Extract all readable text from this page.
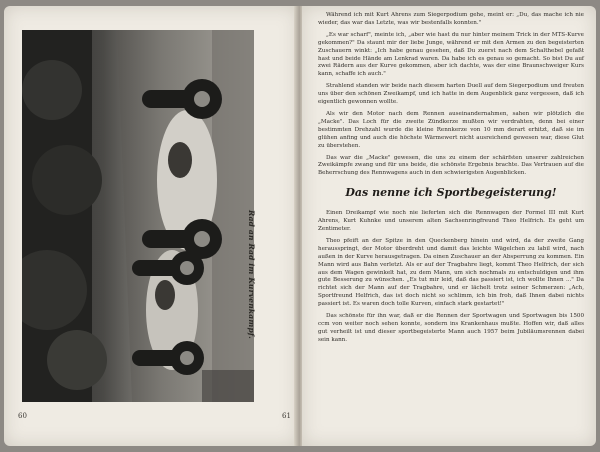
Rad an Rad im Kurvenkampf.
60

Während ich mit Kurt Ahrens zum Siegerpodium gehe, meint er: „Du, das mache ich nie wieder, das war das Letzte, was wir bestenfalls konnten."

„Es war scharf", meinte ich, „aber wie hast du nur hinter meinem Trick in der MTS-Kurve gekommen?" Da staunt mir der liebe Junge, während er mit den Armen zu den begeisterten Zuschauern winkt: „Ich habe genau gesehen, daß Du zuerst nach dem Schalthebel gefaßt hast und beide Hände am Lenkrad waren. Da habe ich es genau so gemacht. So bist Du auf zwei Rädern aus der Kurve gekommen, aber ich dachte, was der eine Braunschweiger Kurs kann, schaffe ich auch."

Strahlend standen wir beide nach diesem harten Duell auf dem Siegerpodium und freuten uns über den schönen Zweikampf, und ich hatte in dem Augenblick ganz vergessen, daß ich eigentlich gewonnen wollte.

Als wir den Motor nach dem Rennen auseinandernahmen, sahen wir plötzlich die „Macke". Das Loch für die zweite Zündkerze mußten wir verdrahten, denn bei einer bestimmten Drehzahl wurde die kleine Rennkerze von 10 mm derart erhitzt, daß sie im glühen anfing und auch die höchste Wärmewert nicht ausreichend gewesen war, diese Glut zu überstehen.

Das war die „Macke" gewesen, die uns zu einem der schärfsten unserer zahlreichen Zweikämpfe zwang und für uns beide, die schönste Ergebnis brachte. Das Vertrauen auf die Beherrschung des Rennwagens auch in den schwierigsten Augenblicken.

Das nenne ich Sportbegeisterung!

Einen Dreikampf wie noch nie lieferten sich die Rennwagen der Formel III mit Kurt Ahrens, Kurt Kuhnke und unserem alten Sachsenringfreund Theo Helfrich. Es geht um Zentimeter.

Theo pfeift an der Spitze in den Queckenberg hinein und wird, da der zweite Gang herausspringt, der Motor überdreht und damit das leichte Wägelchen zu labil wird, nach außen in der Kurve herausgetragen. Da einen Zuschauer an der Absperrung zu kommen. Ein Mann wird aus Bahn verletzt. Als er auf der Tragbahre liegt, kommt Theo Helfrich, der sich aus dem Wagen gewinkelt hat, zu dem Mann, um sich nochmals zu entschuldigen und ihm gute Besserung zu wünschen. „Es tut mir leid, daß das passiert ist, ich wollte Ihnen ..." Da richtet sich der Mann auf der Tragbahre, und er lächelt trotz seiner Schmerzen: „Ach, Sportfreund Helfrich, das ist doch nicht so schlimm, ich bin froh, daß Ihnen dabei nichts passiert ist. Es waren doch tolle Kurven, einfach stark gestartet!"

Das schönste für ihn war, daß er die Rennen der Sportwagen und Sportwagen bis 1500 ccm von weiter noch sehen konnte, sondern ins Krankenhaus mußte. Hoffen wir, daß alles gut verheilt ist und dieser sportbegeisterte Mann auch 1957 beim Jubiläumsrennen dabei sein kann.

61
